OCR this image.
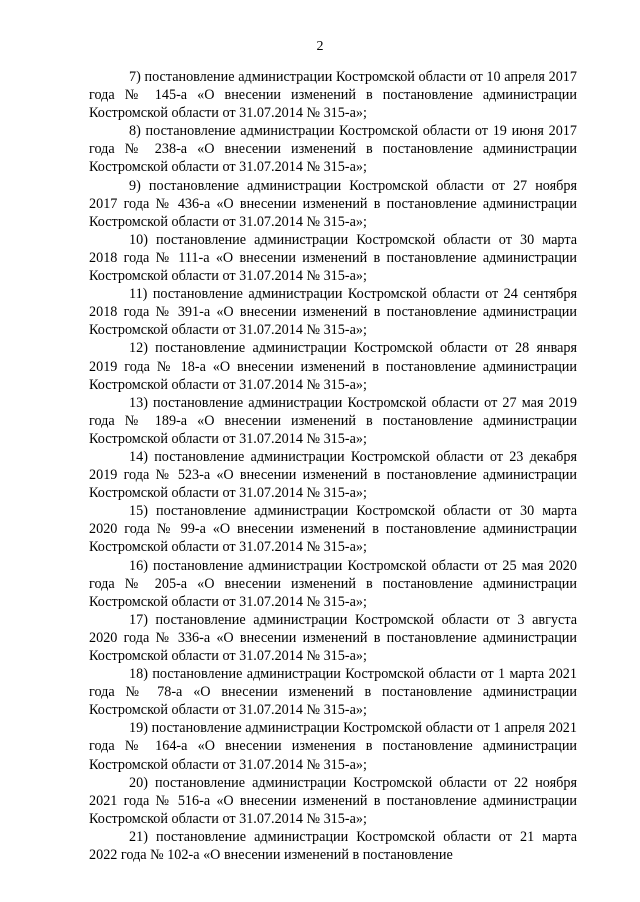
2

7) постановление администрации Костромской области от 10 апреля 2017 года № 145-а «О внесении изменений в постановление администрации Костромской области от 31.07.2014 № 315-а»;

8) постановление администрации Костромской области от 19 июня 2017 года № 238-а «О внесении изменений в постановление администрации Костромской области от 31.07.2014 № 315-а»;

9) постановление администрации Костромской области от 27 ноября 2017 года № 436-а «О внесении изменений в постановление администрации Костромской области от 31.07.2014 № 315-а»;

10) постановление администрации Костромской области от 30 марта 2018 года № 111-а «О внесении изменений в постановление администрации Костромской области от 31.07.2014 № 315-а»;

11) постановление администрации Костромской области от 24 сентября 2018 года № 391-а «О внесении изменений в постановление администрации Костромской области от 31.07.2014 № 315-а»;

12) постановление администрации Костромской области от 28 января 2019 года № 18-а «О внесении изменений в постановление администрации Костромской области от 31.07.2014 № 315-а»;

13) постановление администрации Костромской области от 27 мая 2019 года № 189-а «О внесении изменений в постановление администрации Костромской области от 31.07.2014 № 315-а»;

14) постановление администрации Костромской области от 23 декабря 2019 года № 523-а «О внесении изменений в постановление администрации Костромской области от 31.07.2014 № 315-а»;

15) постановление администрации Костромской области от 30 марта 2020 года № 99-а «О внесении изменений в постановление администрации Костромской области от 31.07.2014 № 315-а»;

16) постановление администрации Костромской области от 25 мая 2020 года № 205-а «О внесении изменений в постановление администрации Костромской области от 31.07.2014 № 315-а»;

17) постановление администрации Костромской области от 3 августа 2020 года № 336-а «О внесении изменений в постановление администрации Костромской области от 31.07.2014 № 315-а»;

18) постановление администрации Костромской области от 1 марта 2021 года № 78-а «О внесении изменений в постановление администрации Костромской области от 31.07.2014 № 315-а»;

19) постановление администрации Костромской области от 1 апреля 2021 года № 164-а «О внесении изменения в постановление администрации Костромской области от 31.07.2014 № 315-а»;

20) постановление администрации Костромской области от 22 ноября 2021 года № 516-а «О внесении изменений в постановление администрации Костромской области от 31.07.2014 № 315-а»;

21) постановление администрации Костромской области от 21 марта 2022 года № 102-а «О внесении изменений в постановление
